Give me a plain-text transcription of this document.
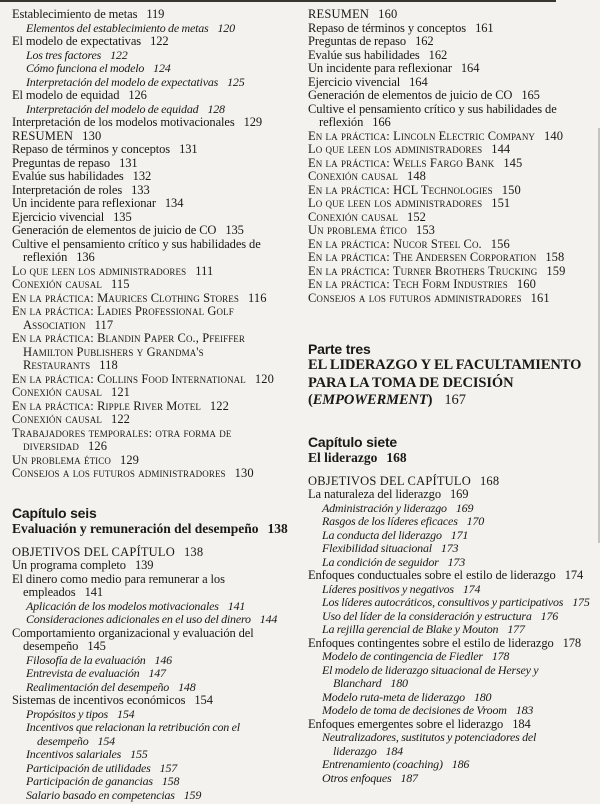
Establecimiento de metas 119
Elementos del establecimiento de metas 120
El modelo de expectativas 122
Los tres factores 122
Cómo funciona el modelo 124
Interpretación del modelo de expectativas 125
El modelo de equidad 126
Interpretación del modelo de equidad 128
Interpretación de los modelos motivacionales 129
RESUMEN 130
Repaso de términos y conceptos 131
Preguntas de repaso 131
Evalúe sus habilidades 132
Interpretación de roles 133
Un incidente para reflexionar 134
Ejercicio vivencial 135
Generación de elementos de juicio de CO 135
Cultive el pensamiento crítico y sus habilidades de reflexión 136
Lo que leen los administradores 111
Conexión causal 115
En la práctica: Maurices Clothing Stores 116
En la práctica: Ladies Professional Golf Association 117
En la práctica: Blandin Paper Co., Pfeiffer Hamilton Publishers y Grandma's Restaurants 118
En la práctica: Collins Food International 120
Conexión causal 121
En la práctica: Ripple River Motel 122
Conexión causal 122
Trabajadores temporales: otra forma de diversidad 126
Un problema ético 129
Consejos a los futuros administradores 130
Capítulo seis
Evaluación y remuneración del desempeño 138
OBJETIVOS DEL CAPÍTULO 138
Un programa completo 139
El dinero como medio para remunerar a los empleados 141
Aplicación de los modelos motivacionales 141
Consideraciones adicionales en el uso del dinero 144
Comportamiento organizacional y evaluación del desempeño 145
Filosofía de la evaluación 146
Entrevista de evaluación 147
Realimentación del desempeño 148
Sistemas de incentivos económicos 154
Propósitos y tipos 154
Incentivos que relacionan la retribución con el desempeño 154
Incentivos salariales 155
Participación de utilidades 157
Participación de ganancias 158
Salario basado en competencias 159
RESUMEN 160
Repaso de términos y conceptos 161
Preguntas de repaso 162
Evalúe sus habilidades 162
Un incidente para reflexionar 164
Ejercicio vivencial 164
Generación de elementos de juicio de CO 165
Cultive el pensamiento crítico y sus habilidades de reflexión 166
En la práctica: Lincoln Electric Company 140
Lo que leen los administradores 144
En la práctica: Wells Fargo Bank 145
Conexión causal 148
En la práctica: HCL Technologies 150
Lo que leen los administradores 151
Conexión causal 152
Un problema ético 153
En la práctica: Nucor Steel Co. 156
En la práctica: The Andersen Corporation 158
En la práctica: Turner Brothers Trucking 159
En la práctica: Tech Form Industries 160
Consejos a los futuros administradores 161
Parte tres
EL LIDERAZGO Y EL FACULTAMIENTO PARA LA TOMA DE DECISIÓN (EMPOWERMENT) 167
Capítulo siete
El liderazgo 168
OBJETIVOS DEL CAPÍTULO 168
La naturaleza del liderazgo 169
Administración y liderazgo 169
Rasgos de los líderes eficaces 170
La conducta del liderazgo 171
Flexibilidad situacional 173
La condición de seguidor 173
Enfoques conductuales sobre el estilo de liderazgo 174
Líderes positivos y negativos 174
Los líderes autocráticos, consultivos y participativos 175
Uso del líder de la consideración y estructura 176
La rejilla gerencial de Blake y Mouton 177
Enfoques contingentes sobre el estilo de liderazgo 178
Modelo de contingencia de Fiedler 178
El modelo de liderazgo situacional de Hersey y Blanchard 180
Modelo ruta-meta de liderazgo 180
Modelo de toma de decisiones de Vroom 183
Enfoques emergentes sobre el liderazgo 184
Neutralizadores, sustitutos y potenciadores del liderazgo 184
Entrenamiento (coaching) 186
Otros enfoques 187
